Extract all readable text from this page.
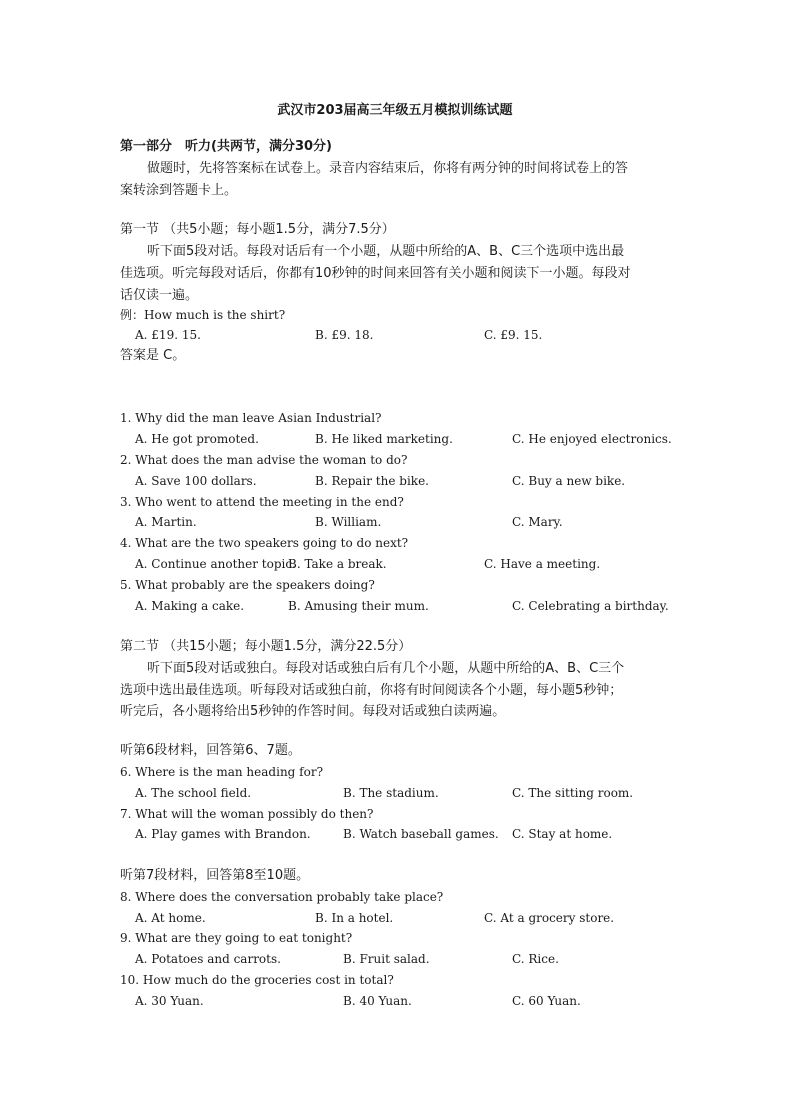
武汉市203届高三年级五月模拟训练试题
第一部分　听力(共两节，满分30分)
做题时，先将答案标在试卷上。录音内容结束后，你将有两分钟的时间将试卷上的答
案转涂到答题卡上。
第一节 （共5小题；每小题1.5分，满分7.5分）
听下面5段对话。每段对话后有一个小题，从题中所给的A、B、C三个选项中选出最
佳选项。听完每段对话后，你都有10秒钟的时间来回答有关小题和阅读下一小题。每段对
话仅读一遍。
例：How much is the shirt?
A. £19. 15.	B. £9. 18.	C. £9. 15.
答案是 C。
1. Why did the man leave Asian Industrial?
A. He got promoted.	B. He liked marketing.	C. He enjoyed electronics.
2. What does the man advise the woman to do?
A. Save 100 dollars.	B. Repair the bike.	C. Buy a new bike.
3. Who went to attend the meeting in the end?
A. Martin.	B. William.	C. Mary.
4. What are the two speakers going to do next?
A. Continue another topic.
B. Take a break.	C. Have a meeting.
5. What probably are the speakers doing?
A. Making a cake.	B. Amusing their mum.	C. Celebrating a birthday.
第二节 （共15小题；每小题1.5分，满分22.5分）
听下面5段对话或独白。每段对话或独白后有几个小题，从题中所给的A、B、C三个
选项中选出最佳选项。听每段对话或独白前，你将有时间阅读各个小题，每小题5秒钟；
听完后，各小题将给出5秒钟的作答时间。每段对话或独白读两遍。
听第6段材料，回答第6、7题。
6. Where is the man heading for?
A. The school field.	B. The stadium.	C. The sitting room.
7. What will the woman possibly do then?
A. Play games with Brandon.	B. Watch baseball games. C. Stay at home.
听第7段材料，回答第8至10题。
8. Where does the conversation probably take place?
A. At home.	B. In a hotel.	C. At a grocery store.
9. What are they going to eat tonight?
A. Potatoes and carrots.	B. Fruit salad.	C. Rice.
10. How much do the groceries cost in total?
A. 30 Yuan.	B. 40 Yuan.	C. 60 Yuan.
